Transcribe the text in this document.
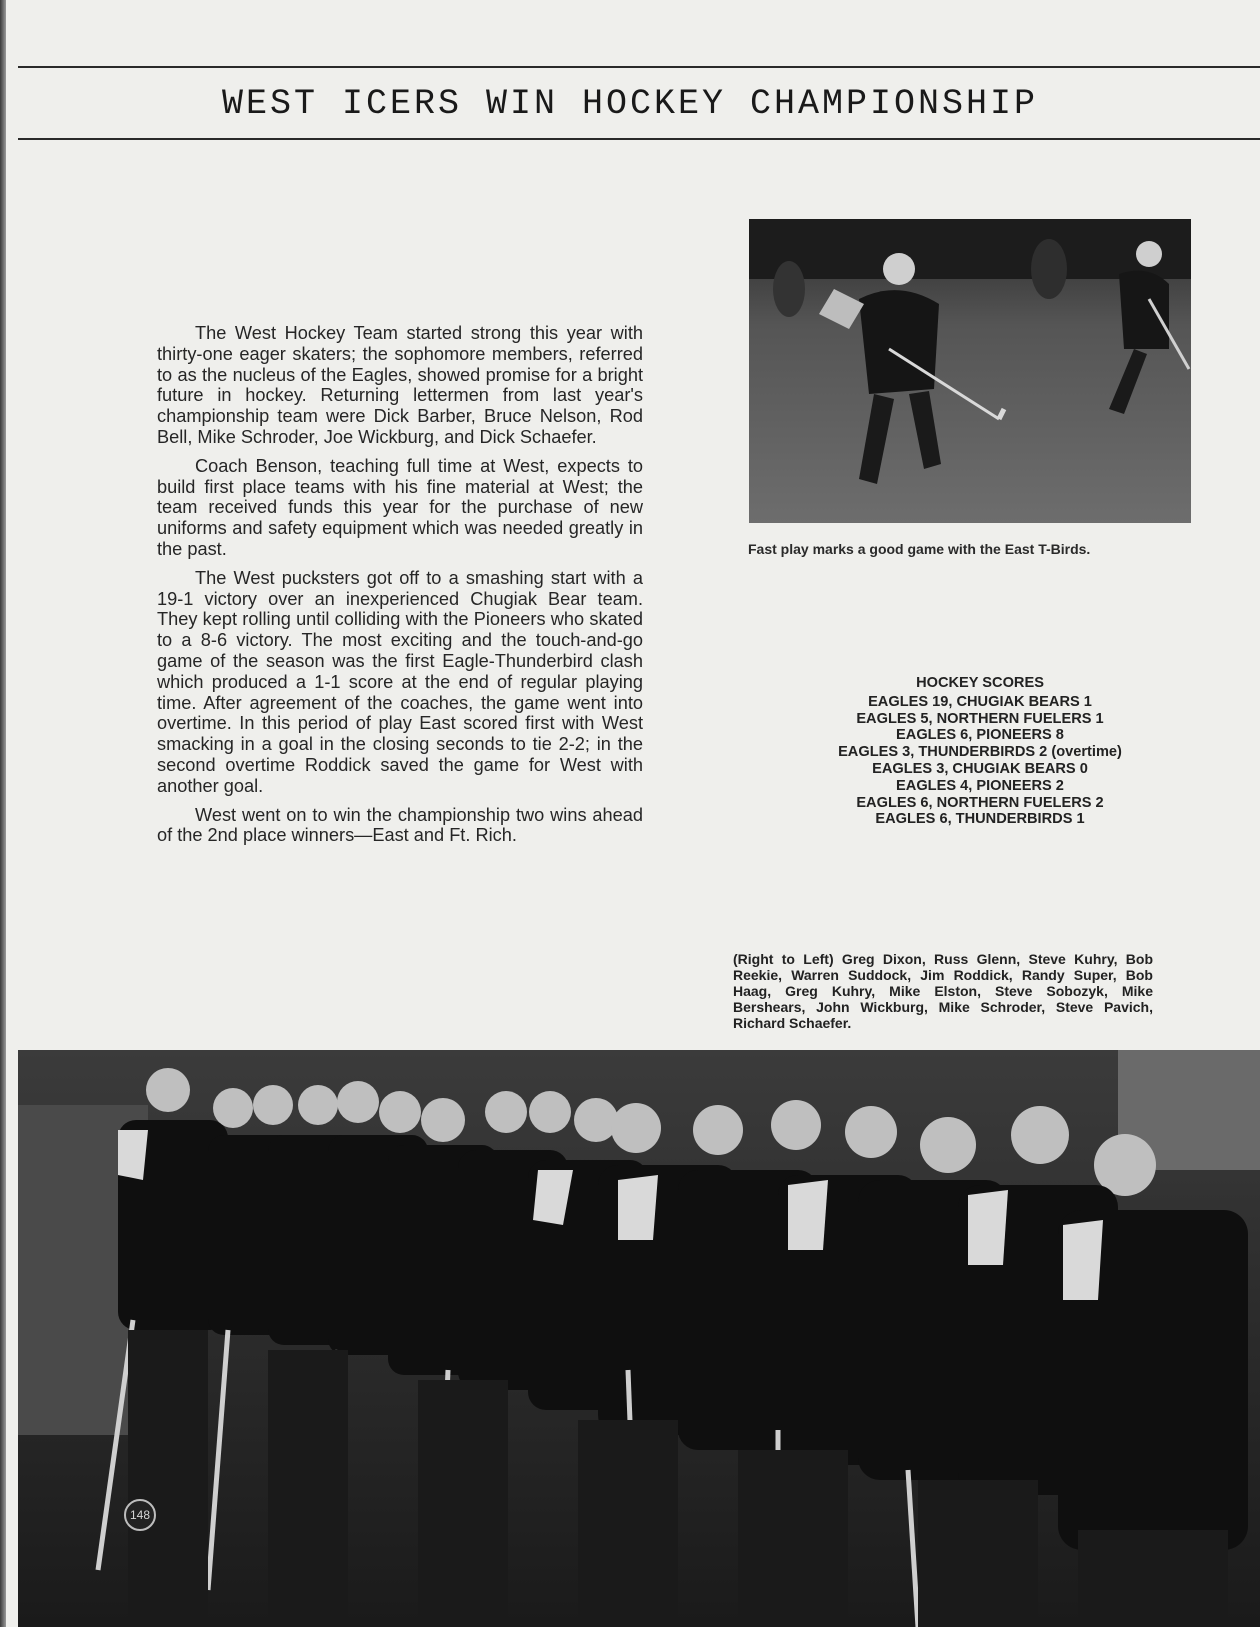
WEST ICERS WIN HOCKEY CHAMPIONSHIP

The West Hockey Team started strong this year with thirty-one eager skaters; the sophomore members, referred to as the nucleus of the Eagles, showed promise for a bright future in hockey. Returning lettermen from last year's championship team were Dick Barber, Bruce Nelson, Rod Bell, Mike Schroder, Joe Wickburg, and Dick Schaefer.

Coach Benson, teaching full time at West, expects to build first place teams with his fine material at West; the team received funds this year for the purchase of new uniforms and safety equipment which was needed greatly in the past.

The West pucksters got off to a smashing start with a 19-1 victory over an inexperienced Chugiak Bear team. They kept rolling until colliding with the Pioneers who skated to a 8-6 victory. The most exciting and the touch-and-go game of the season was the first Eagle-Thunderbird clash which produced a 1-1 score at the end of regular playing time. After agreement of the coaches, the game went into overtime. In this period of play East scored first with West smacking in a goal in the closing seconds to tie 2-2; in the second overtime Roddick saved the game for West with another goal.

West went on to win the championship two wins ahead of the 2nd place winners—East and Ft. Rich.

Fast play marks a good game with the East T-Birds.
HOCKEY SCORES
EAGLES 19, CHUGIAK BEARS 1
EAGLES 5, NORTHERN FUELERS 1
EAGLES 6, PIONEERS 8
EAGLES 3, THUNDERBIRDS 2 (overtime)
EAGLES 3, CHUGIAK BEARS 0
EAGLES 4, PIONEERS 2
EAGLES 6, NORTHERN FUELERS 2
EAGLES 6, THUNDERBIRDS 1
(Right to Left) Greg Dixon, Russ Glenn, Steve Kuhry, Bob Reekie, Warren Suddock, Jim Roddick, Randy Super, Bob Haag, Greg Kuhry, Mike Elston, Steve Sobozyk, Mike Bershears, John Wickburg, Mike Schroder, Steve Pavich, Richard Schaefer.
148
